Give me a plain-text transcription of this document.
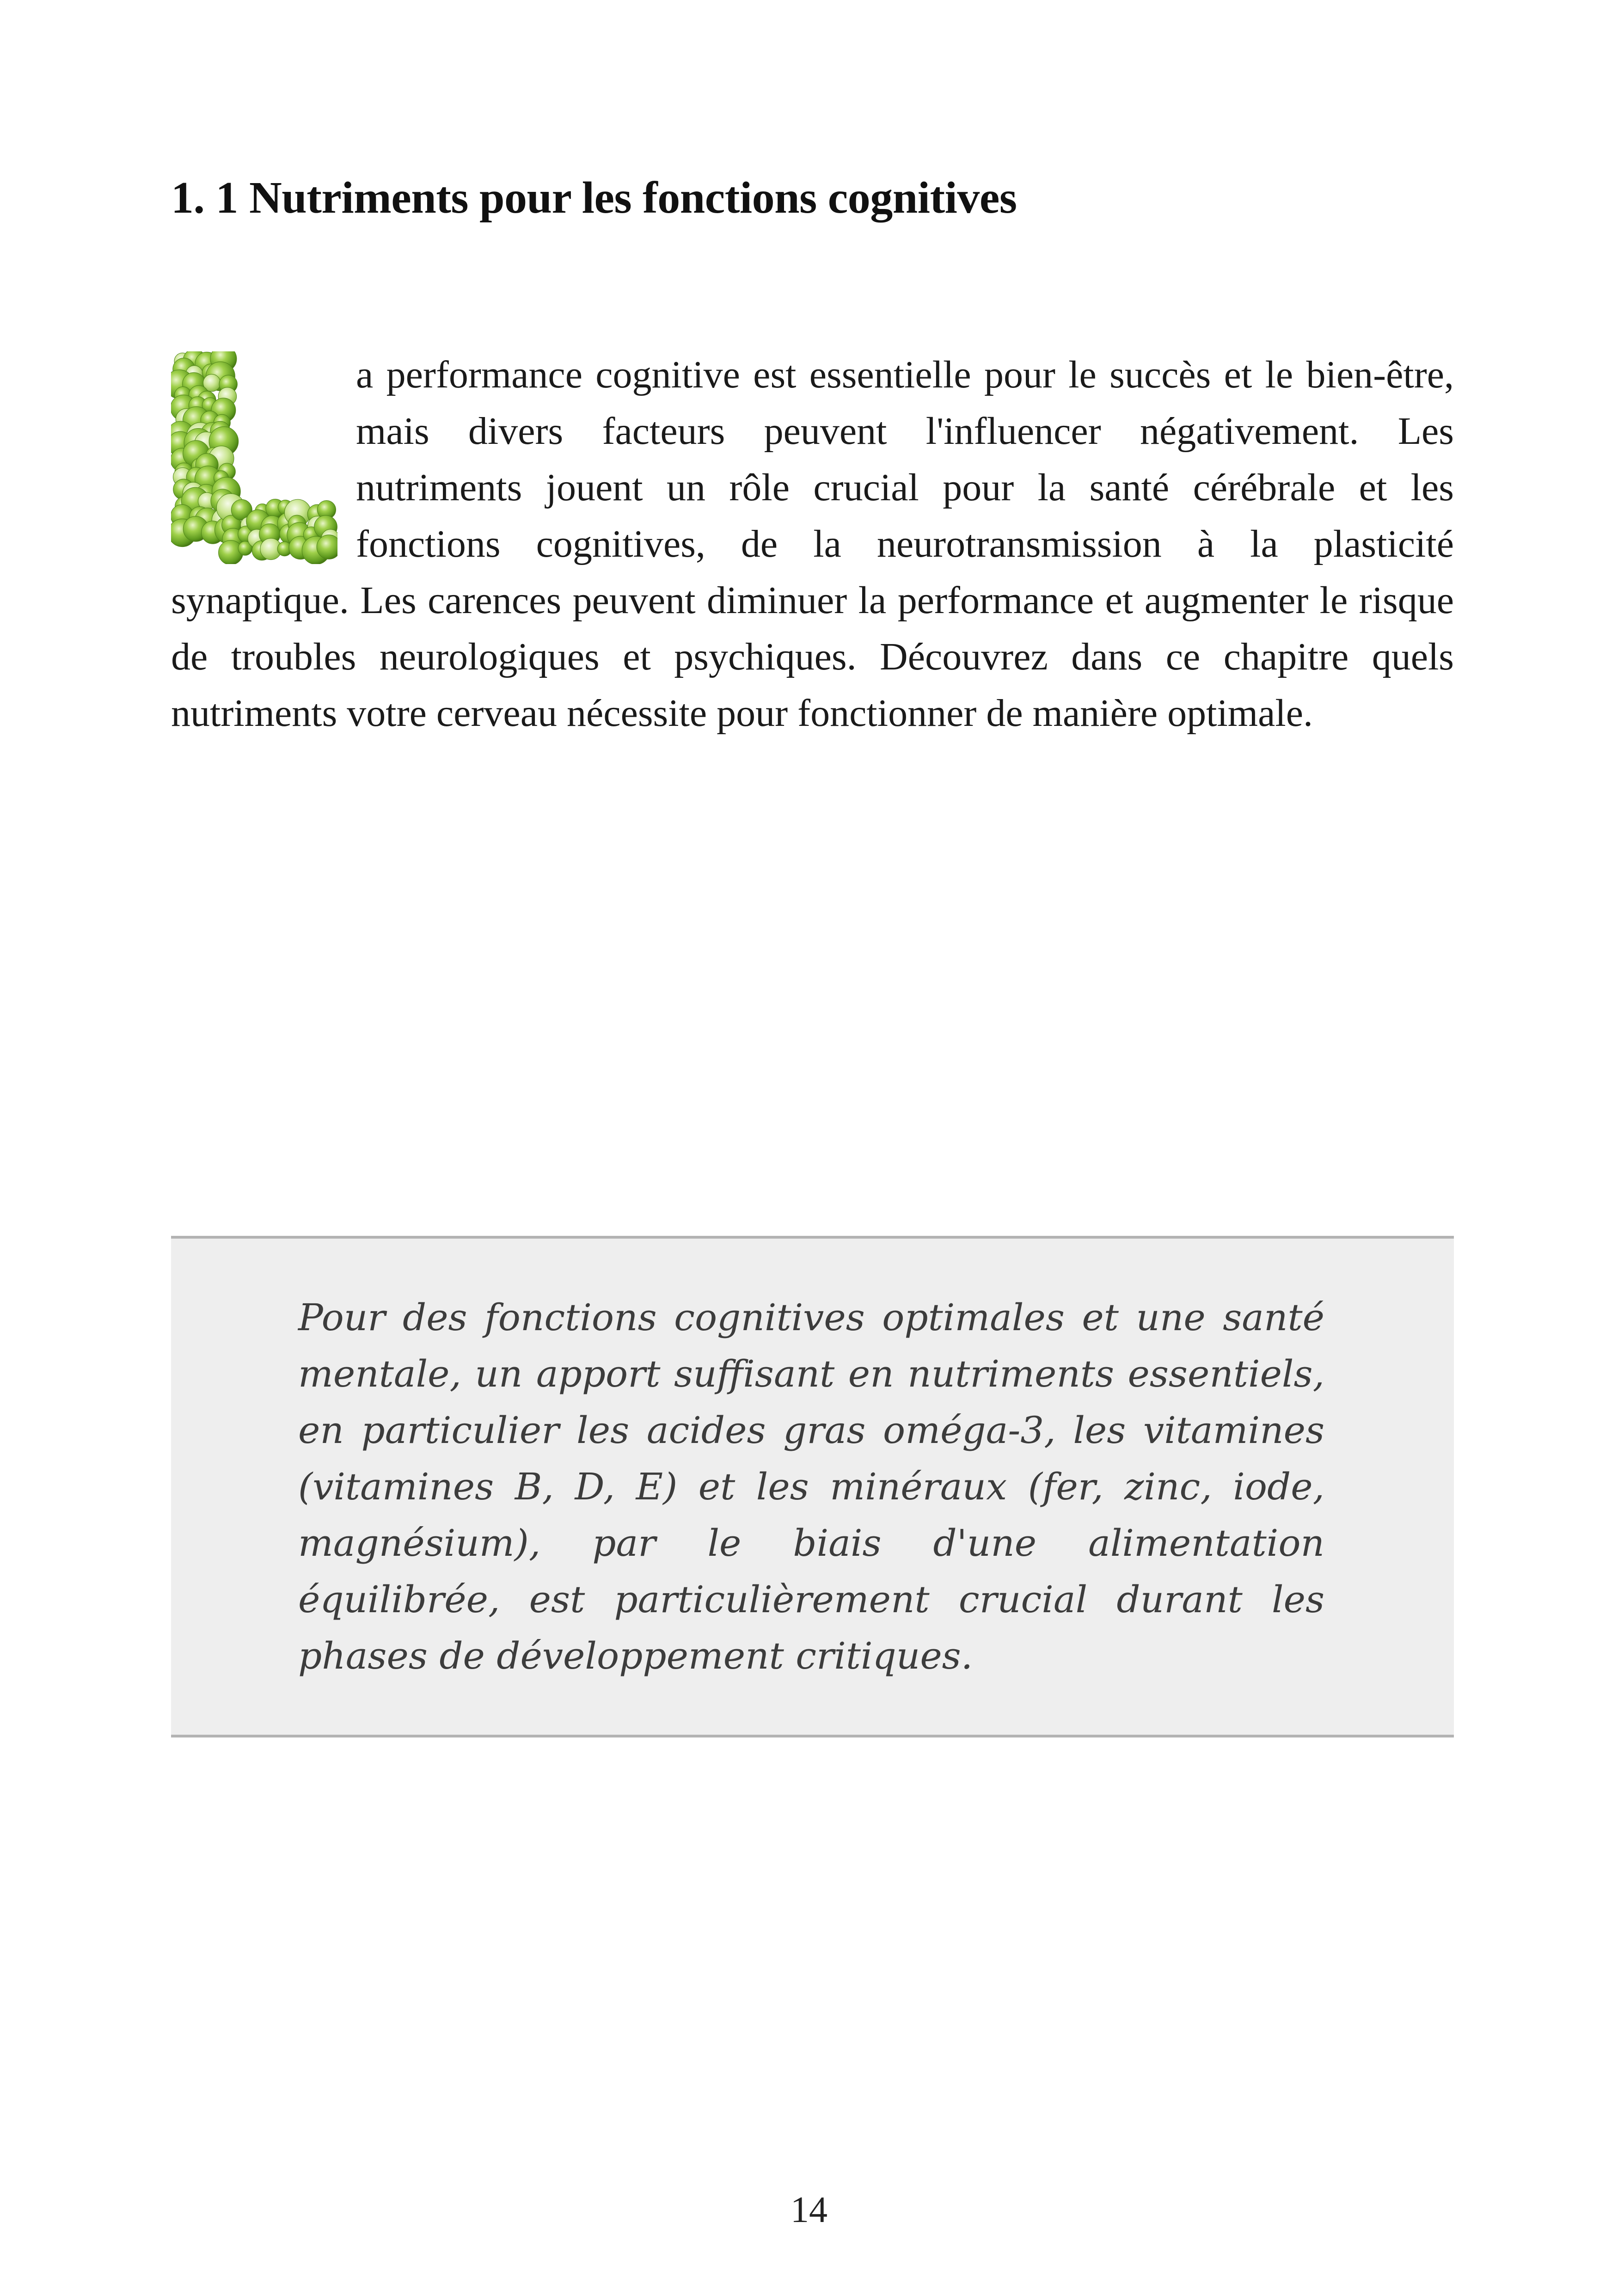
1. 1 Nutriments pour les fonctions cognitives

a performance cognitive est essentielle pour le succès et le bien-être, mais divers facteurs peuvent l'influencer négativement. Les nutriments jouent un rôle crucial pour la santé cérébrale et les fonctions cognitives, de la neurotransmission à la plasticité synaptique. Les carences peuvent diminuer la performance et augmenter le risque de troubles neurologiques et psychiques. Découvrez dans ce chapitre quels nutriments votre cerveau nécessite pour fonctionner de manière optimale.

Pour des fonctions cognitives optimales et une santé mentale, un apport suffisant en nutriments essentiels, en particulier les acides gras oméga-3, les vitamines (vitamines B, D, E) et les minéraux (fer, zinc, iode, magnésium), par le biais d'une alimentation équilibrée, est particulièrement crucial durant les phases de développement critiques.

14
